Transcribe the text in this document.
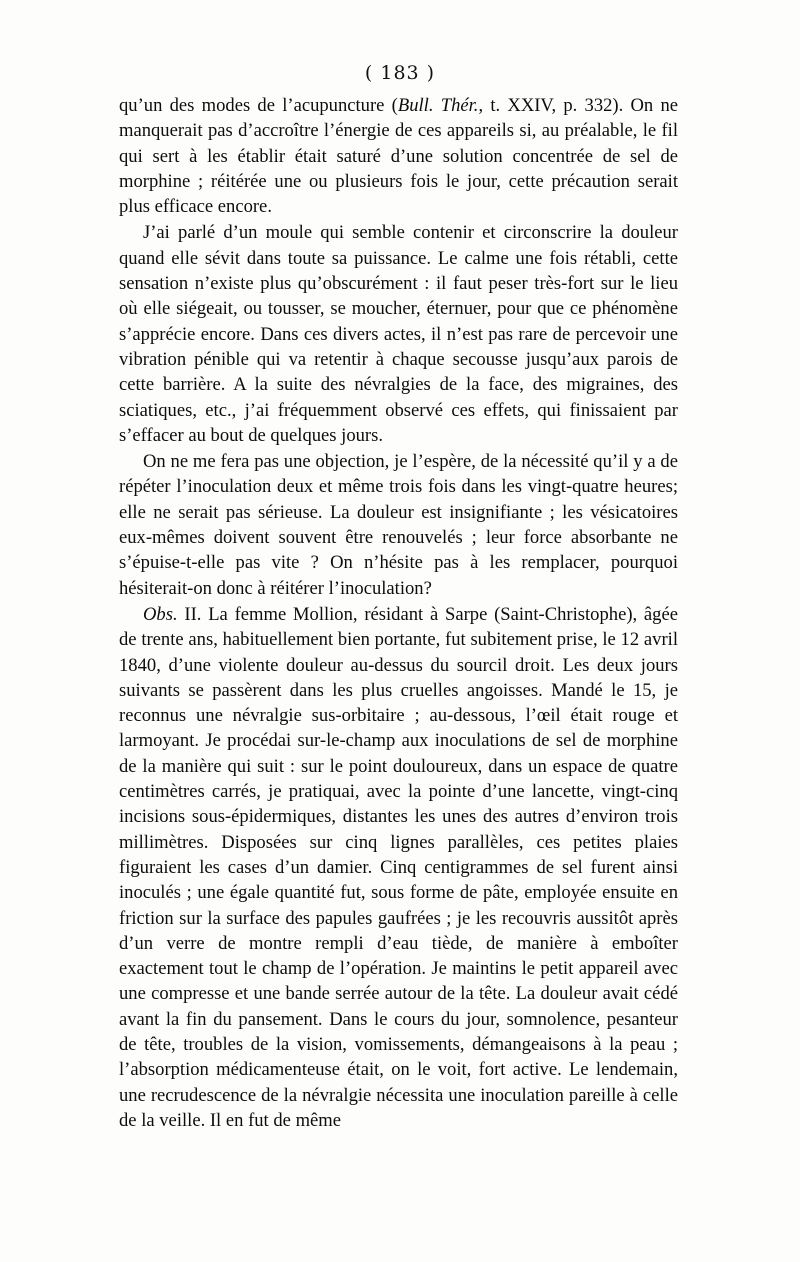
( 183 )

qu’un des modes de l’acupuncture (Bull. Thér., t. XXIV, p. 332). On ne manquerait pas d’accroître l’énergie de ces appareils si, au préalable, le fil qui sert à les établir était saturé d’une solution concentrée de sel de morphine ; réitérée une ou plusieurs fois le jour, cette précaution serait plus efficace encore.

J’ai parlé d’un moule qui semble contenir et circonscrire la douleur quand elle sévit dans toute sa puissance. Le calme une fois rétabli, cette sensation n’existe plus qu’obscurément : il faut peser très-fort sur le lieu où elle siégeait, ou tousser, se moucher, éternuer, pour que ce phénomène s’apprécie encore. Dans ces divers actes, il n’est pas rare de percevoir une vibration pénible qui va retentir à chaque secousse jusqu’aux parois de cette barrière. A la suite des névralgies de la face, des migraines, des sciatiques, etc., j’ai fréquemment observé ces effets, qui finissaient par s’effacer au bout de quelques jours.

On ne me fera pas une objection, je l’espère, de la nécessité qu’il y a de répéter l’inoculation deux et même trois fois dans les vingt-quatre heures; elle ne serait pas sérieuse. La douleur est insignifiante ; les vésicatoires eux-mêmes doivent souvent être renouvelés ; leur force absorbante ne s’épuise-t-elle pas vite ? On n’hésite pas à les remplacer, pourquoi hésiterait-on donc à réitérer l’inoculation?

Obs. II. La femme Mollion, résidant à Sarpe (Saint-Christophe), âgée de trente ans, habituellement bien portante, fut subitement prise, le 12 avril 1840, d’une violente douleur au-dessus du sourcil droit. Les deux jours suivants se passèrent dans les plus cruelles angoisses. Mandé le 15, je reconnus une névralgie sus-orbitaire ; au-dessous, l’œil était rouge et larmoyant. Je procédai sur-le-champ aux inoculations de sel de morphine de la manière qui suit : sur le point douloureux, dans un espace de quatre centimètres carrés, je pratiquai, avec la pointe d’une lancette, vingt-cinq incisions sous-épidermiques, distantes les unes des autres d’environ trois millimètres. Disposées sur cinq lignes parallèles, ces petites plaies figuraient les cases d’un damier. Cinq centigrammes de sel furent ainsi inoculés ; une égale quantité fut, sous forme de pâte, employée ensuite en friction sur la surface des papules gaufrées ; je les recouvris aussitôt après d’un verre de montre rempli d’eau tiède, de manière à emboîter exactement tout le champ de l’opération. Je maintins le petit appareil avec une compresse et une bande serrée autour de la tête. La douleur avait cédé avant la fin du pansement. Dans le cours du jour, somnolence, pesanteur de tête, troubles de la vision, vomissements, démangeaisons à la peau ; l’absorption médicamenteuse était, on le voit, fort active. Le lendemain, une recrudescence de la névralgie nécessita une inoculation pareille à celle de la veille. Il en fut de même
